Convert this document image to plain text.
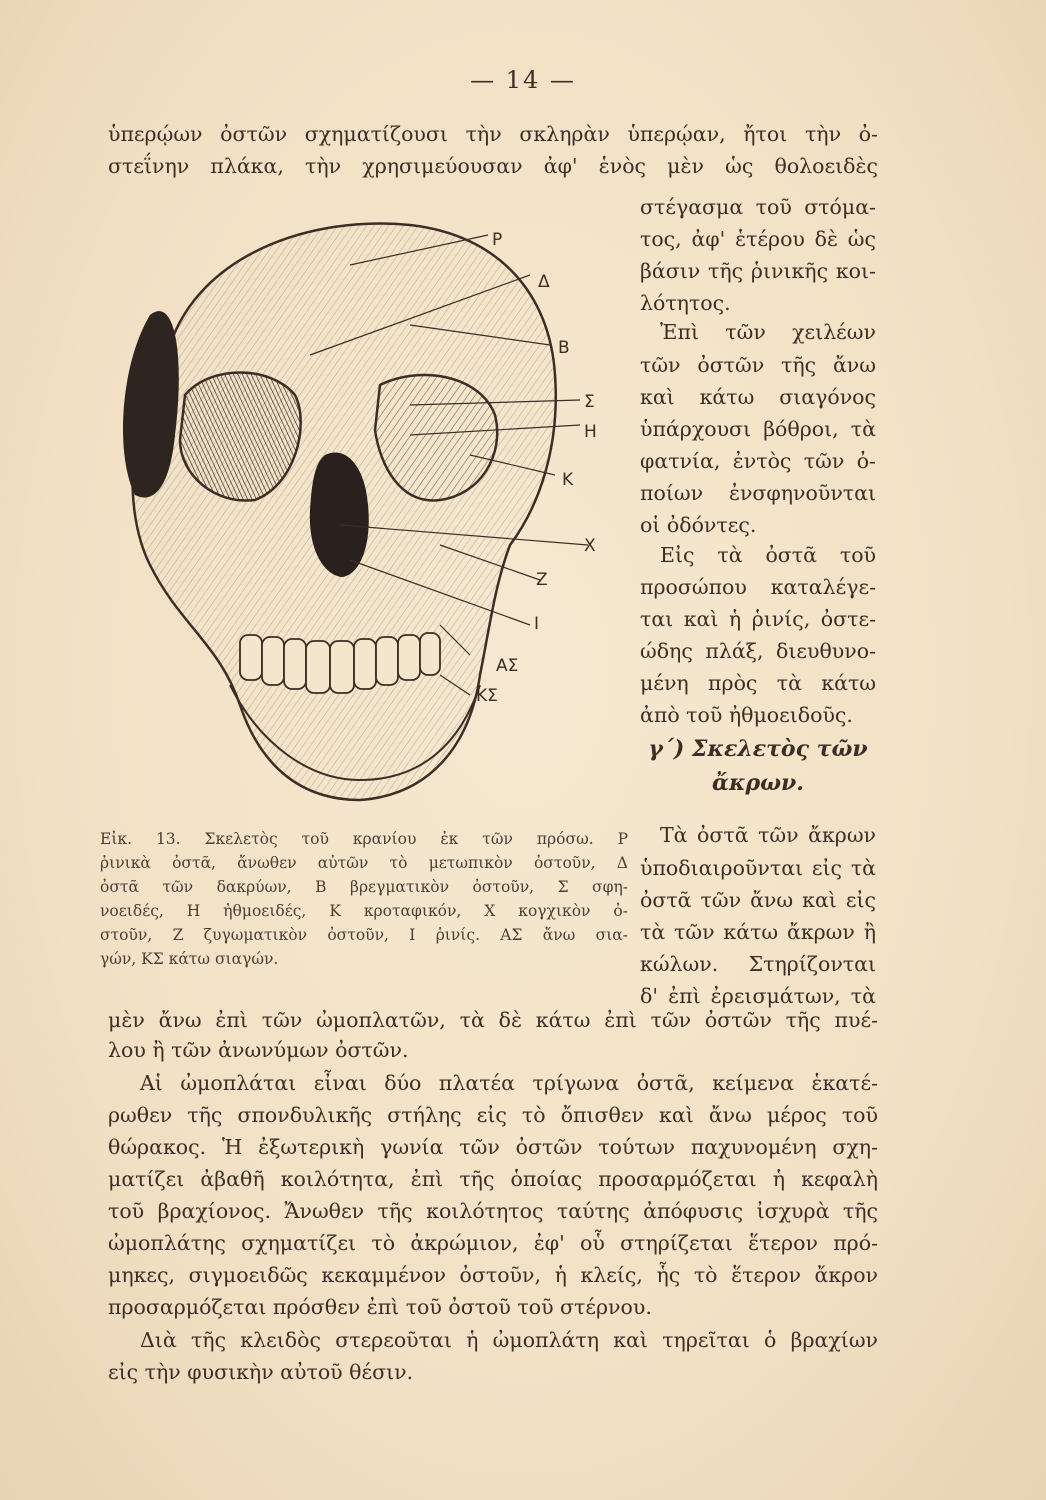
— 14 —
ὑπερῴων ὀστῶν σχηματίζουσι τὴν σκληρὰν ὑπερῴαν, ἤτοι τὴν ὀ-
στεΐνην πλάκα, τὴν χρησιμεύουσαν ἀφ' ἑνὸς μὲν ὡς θολοειδὲς
στέγασμα τοῦ στόμα-
τος, ἀφ' ἑτέρου δὲ ὡς
βάσιν τῆς ῥινικῆς κοι-
λότητος.
Ἐπὶ τῶν χειλέων
τῶν ὀστῶν τῆς ἄνω
καὶ κάτω σιαγόνος
ὑπάρχουσι βόθροι, τὰ
φατνία, ἐντὸς τῶν ὀ-
ποίων ἐνσφηνοῦνται
οἱ ὀδόντες.
Εἰς τὰ ὀστᾶ τοῦ
προσώπου καταλέγε-
ται καὶ ἡ ῥινίς, ὀστε-
ώδης πλάξ, διευθυνο-
μένη πρὸς τὰ κάτω
ἀπὸ τοῦ ἠθμοειδοῦς.
γ΄) Σκελετὸς τῶν
ἄκρων.
Τὰ ὀστᾶ τῶν ἄκρων
ὑποδιαιροῦνται εἰς τὰ
ὀστᾶ τῶν ἄνω καὶ εἰς
τὰ τῶν κάτω ἄκρων ἢ
κώλων. Στηρίζονται
δ' ἐπὶ ἐρεισμάτων, τὰ
Ρ
Δ
Β
Σ
Η
Κ
Χ
Ζ
Ι
ΑΣ
ΚΣ
Εἰκ. 13. Σκελετὸς τοῦ κρανίου ἐκ τῶν πρόσω. Ρ
ῥινικὰ ὀστᾶ, ἄνωθεν αὐτῶν τὸ μετωπικὸν ὀστοῦν, Δ
ὀστᾶ τῶν δακρύων, Β βρεγματικὸν ὀστοῦν, Σ σφη-
νοειδές, Η ἠθμοειδές, Κ κροταφικόν, Χ κογχικὸν ὀ-
στοῦν, Ζ ζυγωματικὸν ὀστοῦν, Ι ῥινίς. ΑΣ ἄνω σια-
γών, ΚΣ κάτω σιαγών.
μὲν ἄνω ἐπὶ τῶν ὠμοπλατῶν, τὰ δὲ κάτω ἐπὶ τῶν ὀστῶν τῆς πυέ-
λου ἢ τῶν ἀνωνύμων ὀστῶν.
Αἱ ὠμοπλάται εἶναι δύο πλατέα τρίγωνα ὀστᾶ, κείμενα ἑκατέ-
ρωθεν τῆς σπονδυλικῆς στήλης εἰς τὸ ὄπισθεν καὶ ἄνω μέρος τοῦ
θώρακος. Ἡ ἐξωτερικὴ γωνία τῶν ὀστῶν τούτων παχυνομένη σχη-
ματίζει ἀβαθῆ κοιλότητα, ἐπὶ τῆς ὁποίας προσαρμόζεται ἡ κεφαλὴ
τοῦ βραχίονος. Ἄνωθεν τῆς κοιλότητος ταύτης ἀπόφυσις ἰσχυρὰ τῆς
ὠμοπλάτης σχηματίζει τὸ ἀκρώμιον, ἐφ' οὗ στηρίζεται ἕτερον πρό-
μηκες, σιγμοειδῶς κεκαμμένον ὀστοῦν, ἡ κλείς, ἧς τὸ ἕτερον ἄκρον
προσαρμόζεται πρόσθεν ἐπὶ τοῦ ὀστοῦ τοῦ στέρνου.
Διὰ τῆς κλειδὸς στερεοῦται ἡ ὠμοπλάτη καὶ τηρεῖται ὁ βραχίων
εἰς τὴν φυσικὴν αὐτοῦ θέσιν.
